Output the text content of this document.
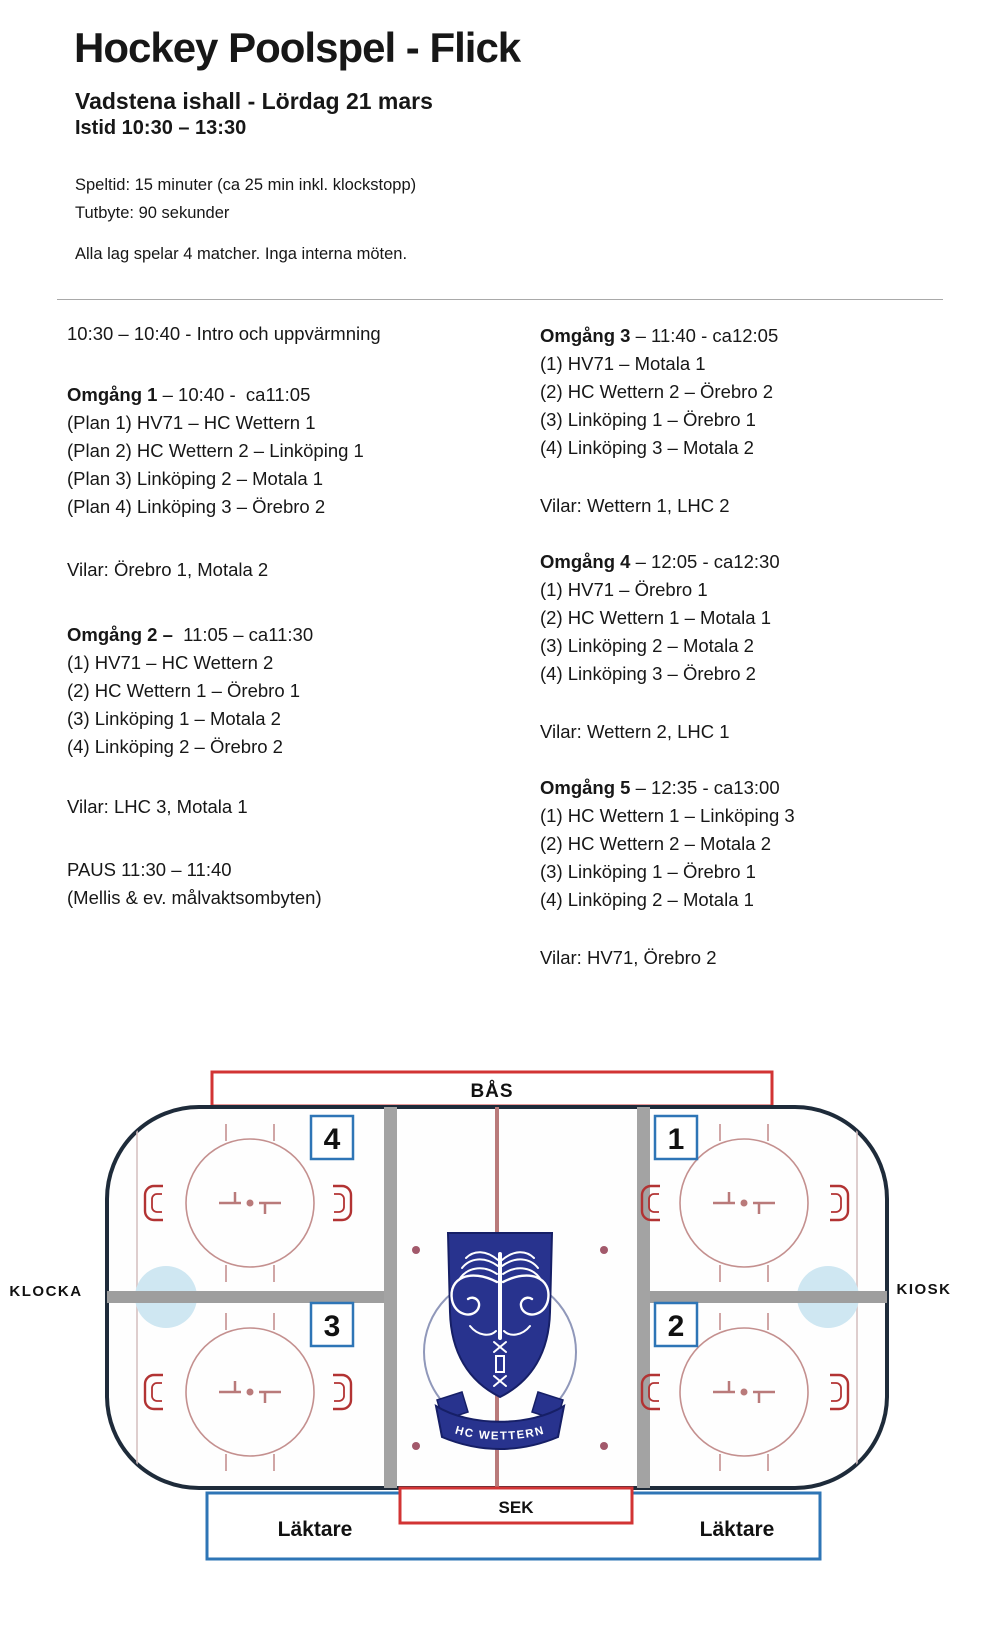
Hockey Poolspel - Flick
Vadstena ishall - Lördag 21 mars
Istid 10:30 – 13:30
Speltid: 15 minuter (ca 25 min inkl. klockstopp)
Tutbyte: 90 sekunder
Alla lag spelar 4 matcher. Inga interna möten.
10:30 – 10:40 - Intro och uppvärmning
Omgång 1 – 10:40 -  ca11:05
(Plan 1) HV71 – HC Wettern 1
(Plan 2) HC Wettern 2 – Linköping 1
(Plan 3) Linköping 2 – Motala 1
(Plan 4) Linköping 3 – Örebro 2
Vilar: Örebro 1, Motala 2
Omgång 2 –  11:05 – ca11:30
(1) HV71 – HC Wettern 2
(2) HC Wettern 1 – Örebro 1
(3) Linköping 1 – Motala 2
(4) Linköping 2 – Örebro 2
Vilar: LHC 3, Motala 1
PAUS 11:30 – 11:40
(Mellis & ev. målvaktsombyten)
Omgång 3 – 11:40 - ca12:05
(1) HV71 – Motala 1
(2) HC Wettern 2 – Örebro 2
(3) Linköping 1 – Örebro 1
(4) Linköping 3 – Motala 2
Vilar: Wettern 1, LHC 2
Omgång 4 – 12:05 - ca12:30
(1) HV71 – Örebro 1
(2) HC Wettern 1 – Motala 1
(3) Linköping 2 – Motala 2
(4) Linköping 3 – Örebro 2
Vilar: Wettern 2, LHC 1
Omgång 5 – 12:35 - ca13:00
(1) HC Wettern 1 – Linköping 3
(2) HC Wettern 2 – Motala 2
(3) Linköping 1 – Örebro 1
(4) Linköping 2 – Motala 1
Vilar: HV71, Örebro 2
BÅS
HC WETTERN
4	1
3	2
Läktare	Läktare
SEK
KLOCKA	KIOSK
